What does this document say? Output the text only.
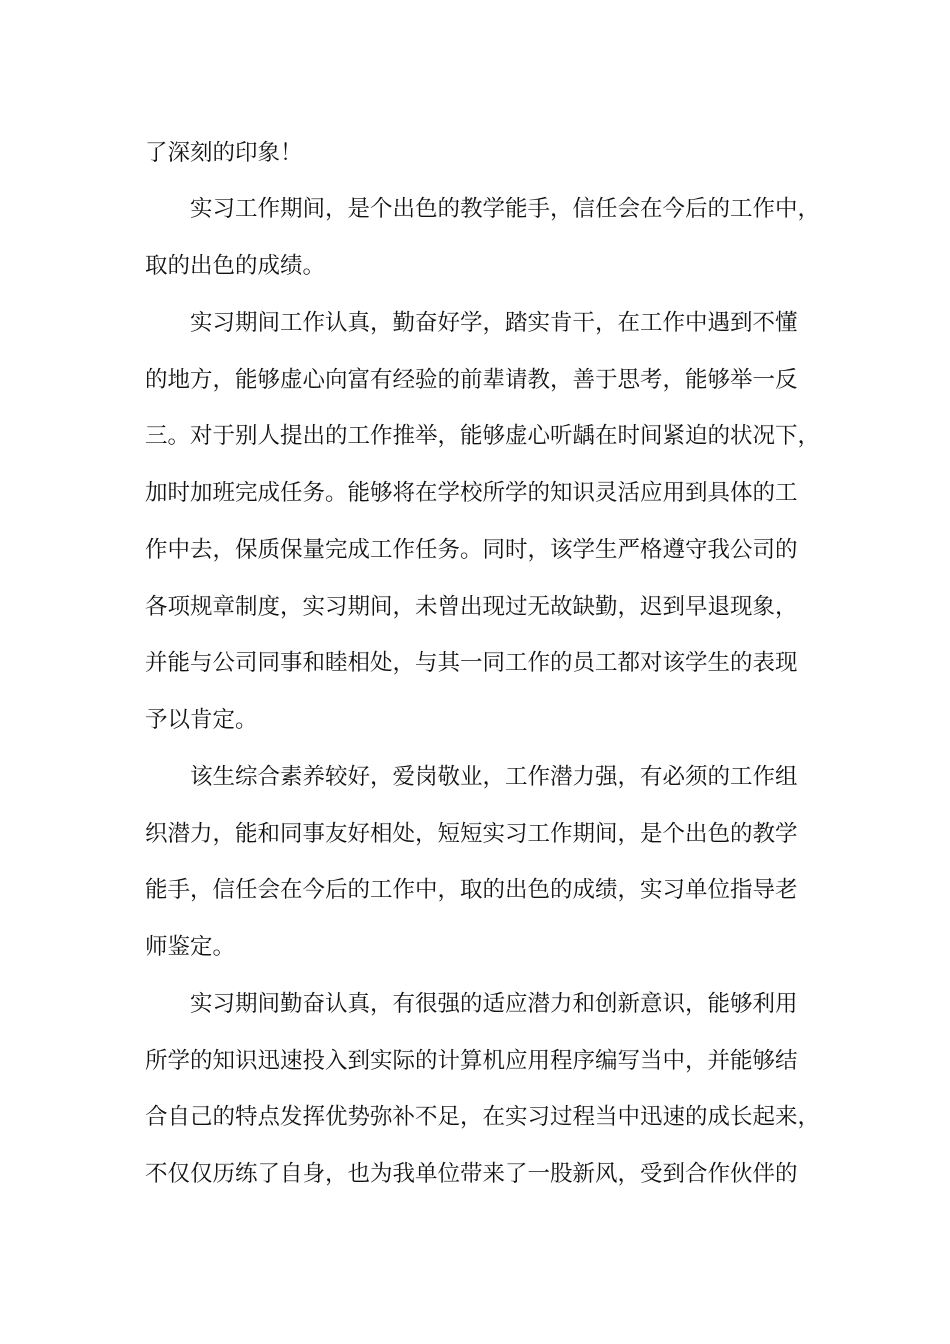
了深刻的印象！
实习工作期间，是个出色的教学能手，信任会在今后的工作中，
取的出色的成绩。
实习期间工作认真，勤奋好学，踏实肯干，在工作中遇到不懂
的地方，能够虚心向富有经验的前辈请教，善于思考，能够举一反
三。对于别人提出的工作推举，能够虚心听龋在时间紧迫的状况下，
加时加班完成任务。能够将在学校所学的知识灵活应用到具体的工
作中去，保质保量完成工作任务。同时，该学生严格遵守我公司的
各项规章制度，实习期间，未曾出现过无故缺勤，迟到早退现象，
并能与公司同事和睦相处，与其一同工作的员工都对该学生的表现
予以肯定。
该生综合素养较好，爱岗敬业，工作潜力强，有必须的工作组
织潜力，能和同事友好相处，短短实习工作期间，是个出色的教学
能手，信任会在今后的工作中，取的出色的成绩，实习单位指导老
师鉴定。
实习期间勤奋认真，有很强的适应潜力和创新意识，能够利用
所学的知识迅速投入到实际的计算机应用程序编写当中，并能够结
合自己的特点发挥优势弥补不足，在实习过程当中迅速的成长起来，
不仅仅历练了自身，也为我单位带来了一股新风，受到合作伙伴的
